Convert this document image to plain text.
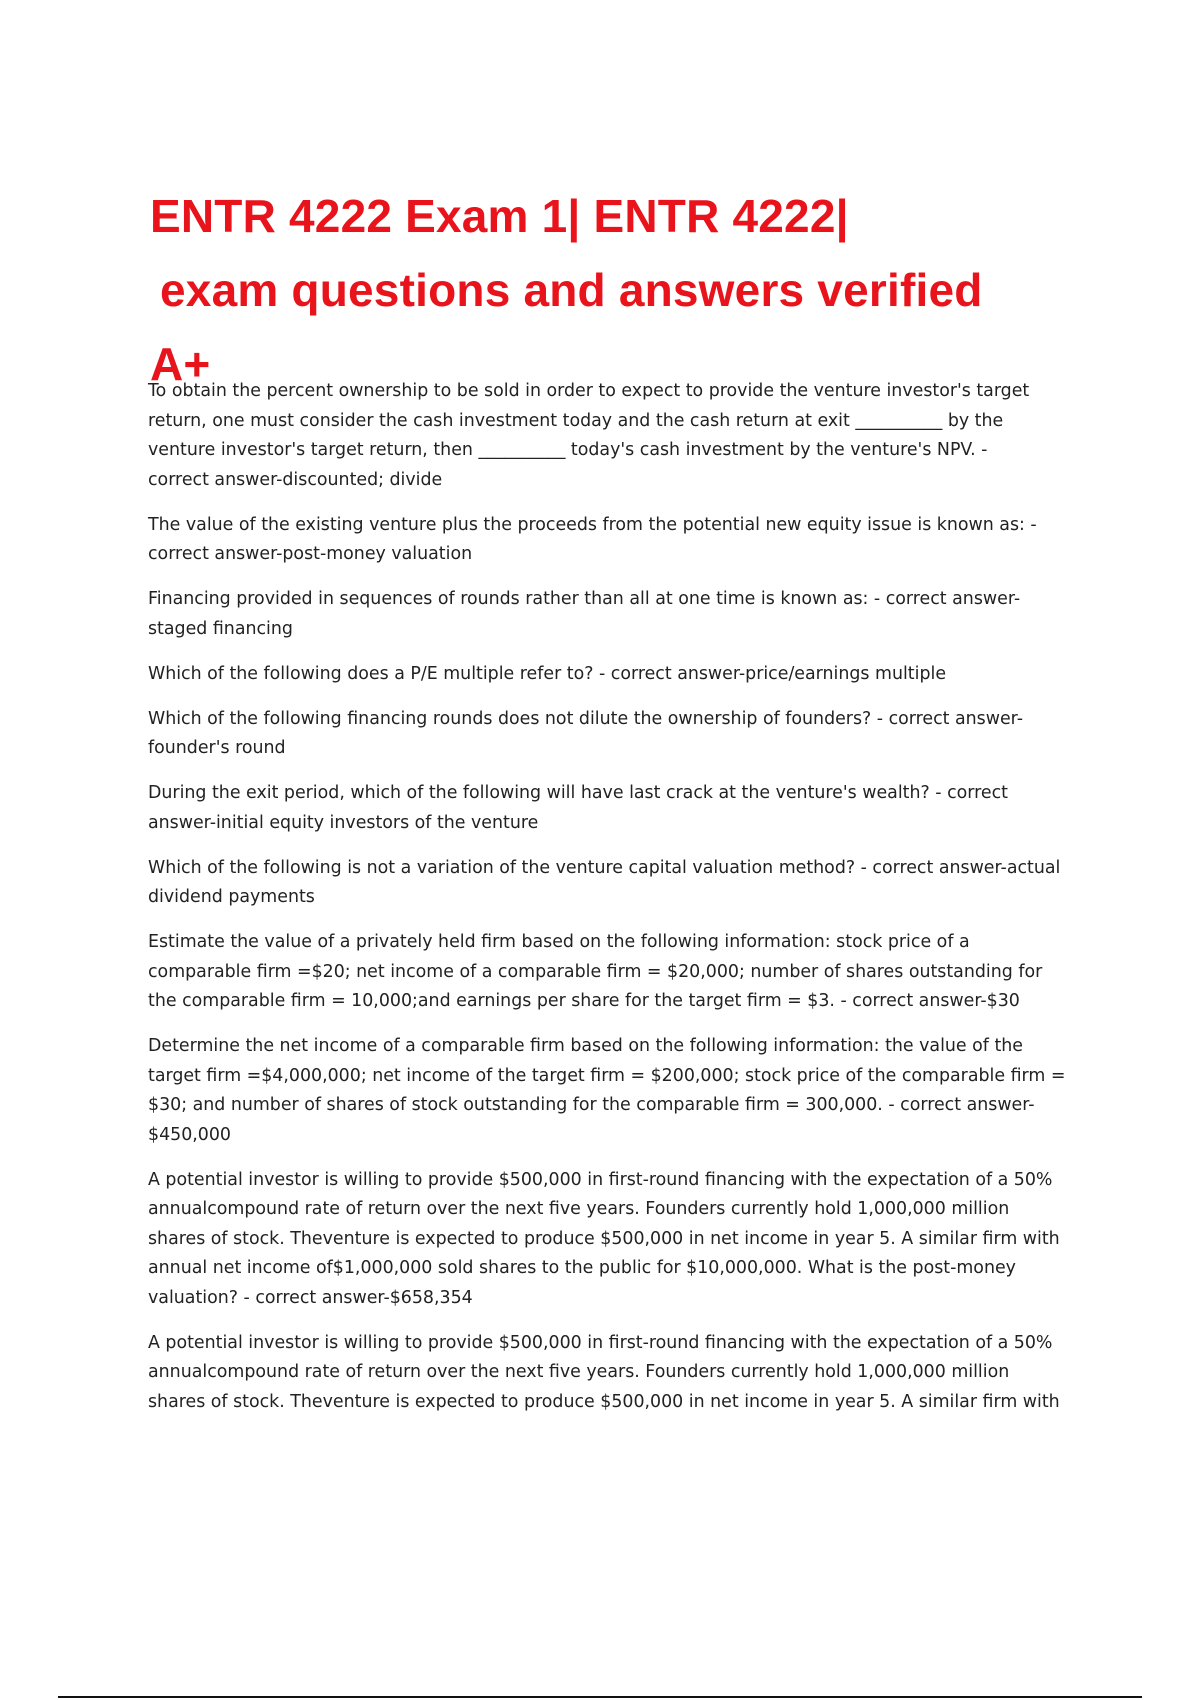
ENTR 4222 Exam 1| ENTR 4222|
exam questions and answers verified
A+
To obtain the percent ownership to be sold in order to expect to provide the venture investor's target
return, one must consider the cash investment today and the cash return at exit __________ by the
venture investor's target return, then __________ today's cash investment by the venture's NPV. -
correct answer-discounted; divide
The value of the existing venture plus the proceeds from the potential new equity issue is known as: -
correct answer-post-money valuation
Financing provided in sequences of rounds rather than all at one time is known as: - correct answer-
staged financing
Which of the following does a P/E multiple refer to? - correct answer-price/earnings multiple
Which of the following financing rounds does not dilute the ownership of founders? - correct answer-
founder's round
During the exit period, which of the following will have last crack at the venture's wealth? - correct
answer-initial equity investors of the venture
Which of the following is not a variation of the venture capital valuation method? - correct answer-actual
dividend payments
Estimate the value of a privately held firm based on the following information: stock price of a
comparable firm =$20; net income of a comparable firm = $20,000; number of shares outstanding for
the comparable firm = 10,000;and earnings per share for the target firm = $3. - correct answer-$30
Determine the net income of a comparable firm based on the following information: the value of the
target firm =$4,000,000; net income of the target firm = $200,000; stock price of the comparable firm =
$30; and number of shares of stock outstanding for the comparable firm = 300,000. - correct answer-
$450,000
A potential investor is willing to provide $500,000 in first-round financing with the expectation of a 50%
annualcompound rate of return over the next five years. Founders currently hold 1,000,000 million
shares of stock. Theventure is expected to produce $500,000 in net income in year 5. A similar firm with
annual net income of$1,000,000 sold shares to the public for $10,000,000. What is the post-money
valuation? - correct answer-$658,354
A potential investor is willing to provide $500,000 in first-round financing with the expectation of a 50%
annualcompound rate of return over the next five years. Founders currently hold 1,000,000 million
shares of stock. Theventure is expected to produce $500,000 in net income in year 5. A similar firm with
